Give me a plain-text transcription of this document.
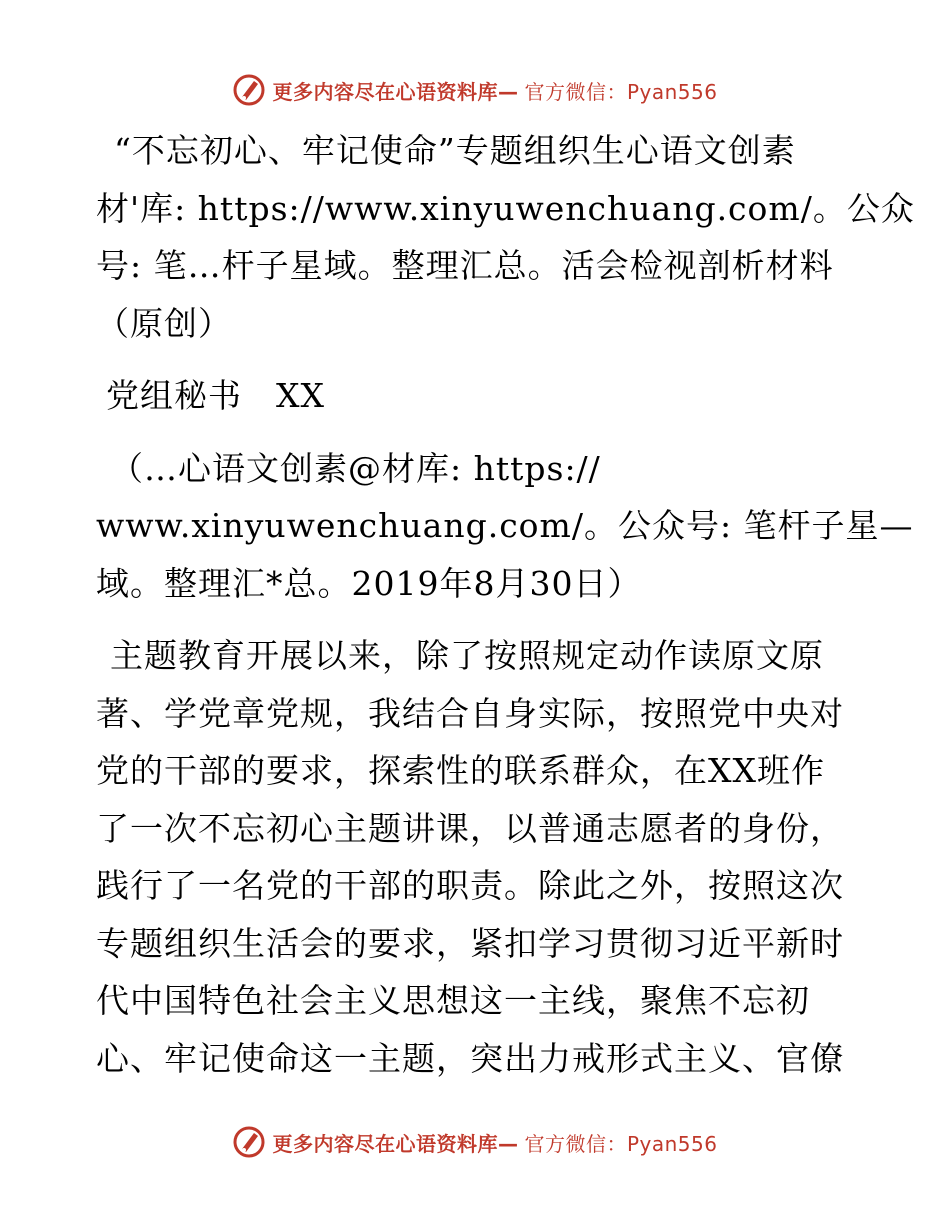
更多内容尽在心语资料库— 官方微信：Pyan556

“不忘初心、牢记使命”专题组织生心语文创素
材'库: https://www.xinyuwenchuang.com/。公众
号: 笔…杆子星域。整理汇总。活会检视剖析材料
（原创）

党组秘书　XX

（…心语文创素@材库: https://
www.xinyuwenchuang.com/。公众号: 笔杆子星—
域。整理汇*总。2019年8月30日）

主题教育开展以来，除了按照规定动作读原文原
著、学党章党规，我结合自身实际，按照党中央对
党的干部的要求，探索性的联系群众，在XX班作
了一次不忘初心主题讲课，以普通志愿者的身份，
践行了一名党的干部的职责。除此之外，按照这次
专题组织生活会的要求，紧扣学习贯彻习近平新时
代中国特色社会主义思想这一主线，聚焦不忘初
心、牢记使命这一主题，突出力戒形式主义、官僚

更多内容尽在心语资料库— 官方微信：Pyan556
